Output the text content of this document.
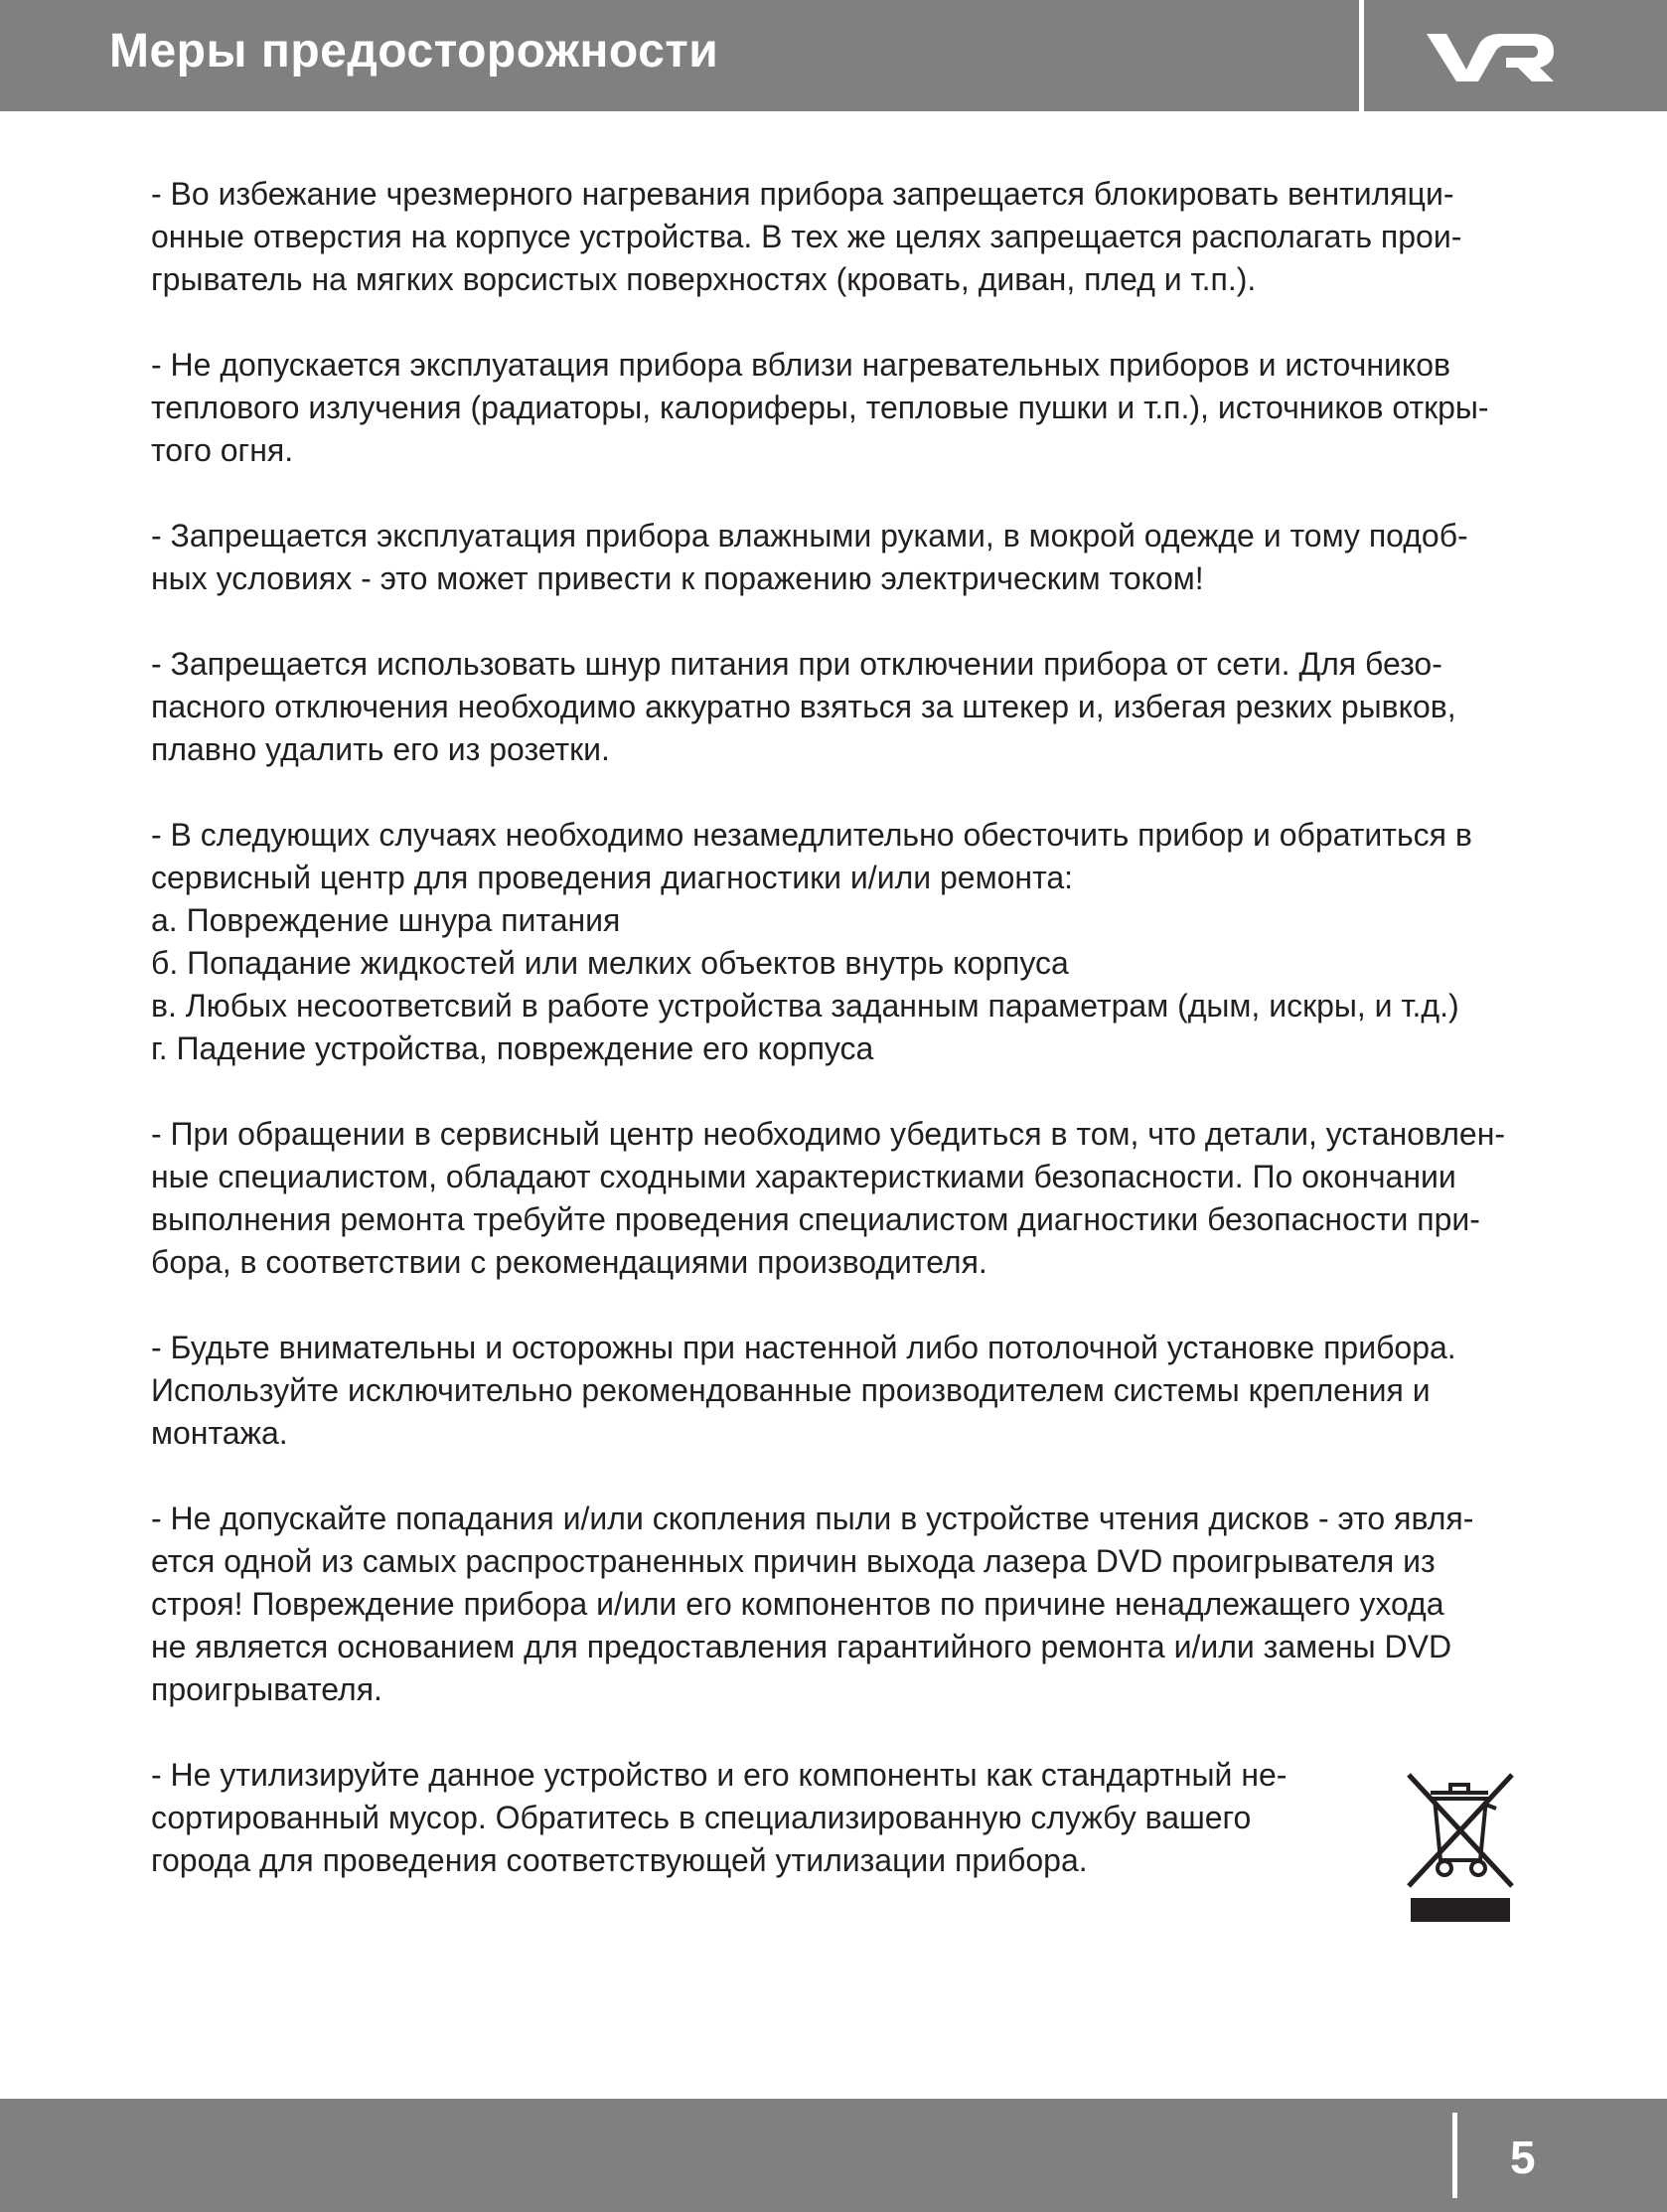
Меры предосторожности

- Во избежание чрезмерного нагревания прибора запрещается блокировать вентиляци-
онные отверстия на корпусе устройства. В тех же целях запрещается располагать прои-
грыватель на мягких ворсистых поверхностях (кровать, диван, плед и т.п.).

- Не допускается эксплуатация прибора вблизи нагревательных приборов и источников
теплового излучения (радиаторы, калориферы, тепловые пушки и т.п.), источников откры-
того огня.

- Запрещается эксплуатация прибора влажными руками, в мокрой одежде и тому подоб-
ных условиях - это может привести к поражению электрическим током!

- Запрещается использовать шнур питания при отключении прибора от сети. Для безо-
пасного отключения необходимо аккуратно взяться за штекер и, избегая резких рывков,
плавно удалить его из розетки.

- В следующих случаях необходимо незамедлительно обесточить прибор и обратиться в
сервисный центр для проведения диагностики и/или ремонта:
а. Повреждение шнура питания
б. Попадание жидкостей или мелких объектов внутрь корпуса
в. Любых несоответсвий в работе устройства заданным параметрам (дым, искры, и т.д.)
г. Падение устройства, повреждение его корпуса

- При обращении в сервисный центр необходимо убедиться в том, что детали, установлен-
ные специалистом, обладают сходными характеристкиами безопасности. По окончании
выполнения ремонта требуйте проведения специалистом диагностики безопасности при-
бора, в соответствии с рекомендациями производителя.

- Будьте внимательны и осторожны при настенной либо потолочной установке прибора.
Используйте исключительно рекомендованные производителем системы крепления и
монтажа.

- Не допускайте попадания и/или скопления пыли в устройстве чтения дисков - это явля-
ется одной из самых распространенных причин выхода лазера DVD проигрывателя из
строя! Повреждение прибора и/или его компонентов по причине ненадлежащего ухода
не является основанием для предоставления гарантийного ремонта и/или замены DVD
проигрывателя.

- Не утилизируйте данное устройство и его компоненты как стандартный не-
сортированный мусор. Обратитесь в специализированную службу вашего
города для проведения соответствующей утилизации прибора.

5
